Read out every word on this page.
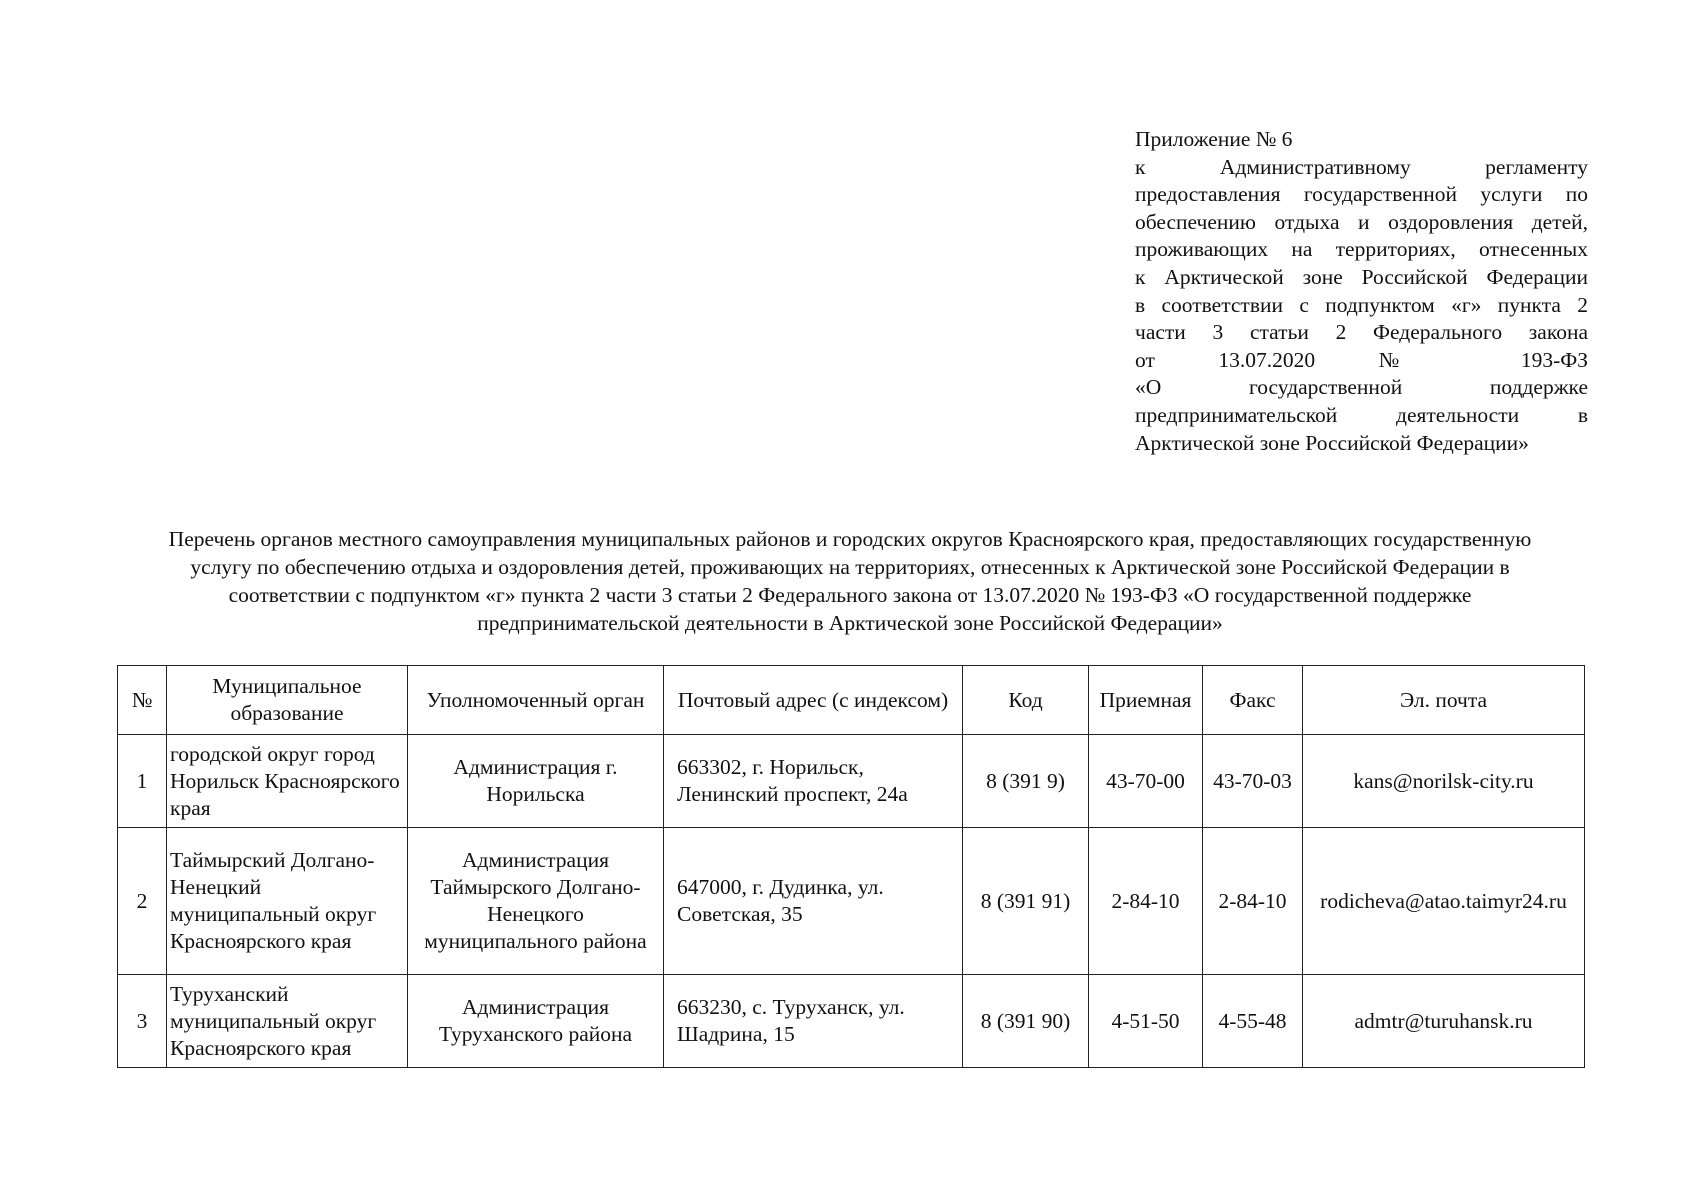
Приложение № 6
к Административному регламенту
предоставления государственной услуги по
обеспечению отдыха и оздоровления детей,
проживающих на территориях, отнесенных
к Арктической зоне Российской Федерации
в соответствии с подпунктом «г» пункта 2
части 3 статьи 2 Федерального закона
от 13.07.2020 № 193-ФЗ
«О государственной поддержке
предпринимательской деятельности в
Арктической зоне Российской Федерации»
Перечень органов местного самоуправления муниципальных районов и городских округов Красноярского края, предоставляющих государственную
услугу по обеспечению отдыха и оздоровления детей, проживающих на территориях, отнесенных к Арктической зоне Российской Федерации в
соответствии с подпунктом «г» пункта 2 части 3 статьи 2 Федерального закона от 13.07.2020 № 193-ФЗ «О государственной поддержке
предпринимательской деятельности в Арктической зоне Российской Федерации»
№	Муниципальное образование	Уполномоченный орган	Почтовый адрес (с индексом)	Код	Приемная	Факс	Эл. почта
1	городской округ город Норильск Красноярского края	Администрация г. Норильска	663302, г. Норильск, Ленинский проспект, 24а	8 (391 9)	43-70-00	43-70-03	kans@norilsk-city.ru
2	Таймырский Долгано-Ненецкий муниципальный округ Красноярского края	Администрация Таймырского Долгано-Ненецкого муниципального района	647000, г. Дудинка, ул. Советская, 35	8 (391 91)	2-84-10	2-84-10	rodicheva@atao.taimyr24.ru
3	Туруханский муниципальный округ Красноярского края	Администрация Туруханского района	663230, с. Туруханск, ул. Шадрина, 15	8 (391 90)	4-51-50	4-55-48	admtr@turuhansk.ru
